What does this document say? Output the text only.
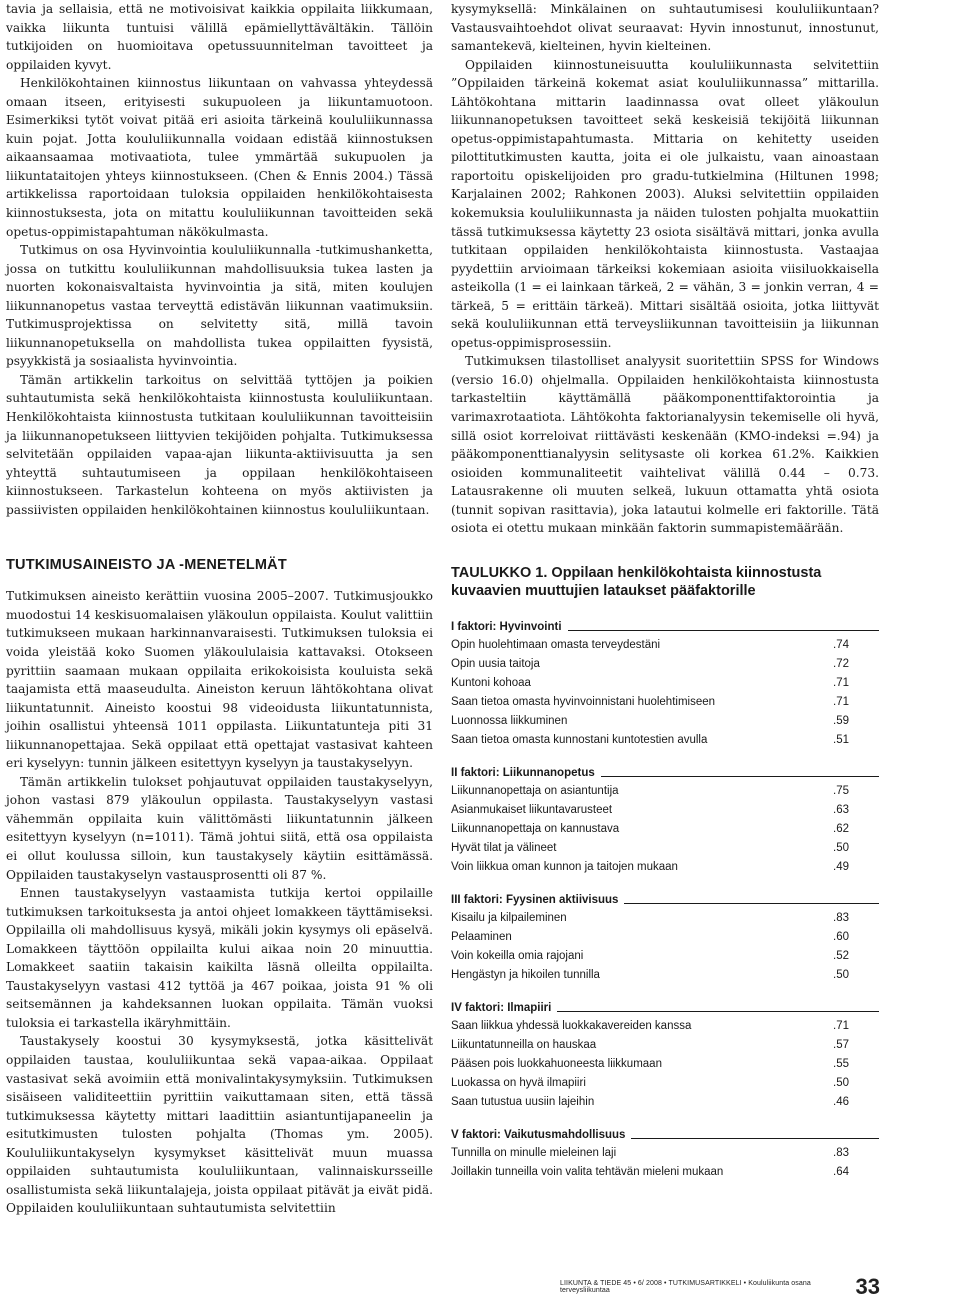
tavia ja sellaisia, että ne motivoisivat kaikkia oppilaita liikkumaan, vaikka liikunta tuntuisi välillä epämiellyttävältäkin. Tällöin tutkijoiden on huomioitava opetussuunnitelman tavoitteet ja oppilaiden kyvyt.

Henkilökohtainen kiinnostus liikuntaan on vahvassa yhteydessä omaan itseen, erityisesti sukupuoleen ja liikuntamuotoon. Esimerkiksi tytöt voivat pitää eri asioita tärkeinä koululiikunnassa kuin pojat. Jotta koululiikunnalla voidaan edistää kiinnostuksen aikaansaamaa motivaatiota, tulee ymmärtää sukupuolen ja liikuntataitojen yhteys kiinnostukseen. (Chen & Ennis 2004.) Tässä artikkelissa raportoidaan tuloksia oppilaiden henkilökohtaisesta kiinnostuksesta, jota on mitattu koululiikunnan tavoitteiden sekä opetus-oppimistapahtuman näkökulmasta.

Tutkimus on osa Hyvinvointia koululiikunnalla -tutkimushanketta, jossa on tutkittu koululiikunnan mahdollisuuksia tukea lasten ja nuorten kokonaisvaltaista hyvinvointia ja sitä, miten koulujen liikunnanopetus vastaa terveyttä edistävän liikunnan vaatimuksiin. Tutkimusprojektissa on selvitetty sitä, millä tavoin liikunnanopetuksella on mahdollista tukea oppilaitten fyysistä, psyykkistä ja sosiaalista hyvinvointia.

Tämän artikkelin tarkoitus on selvittää tyttöjen ja poikien suhtautumista sekä henkilökohtaista kiinnostusta koululiikuntaan. Henkilökohtaista kiinnostusta tutkitaan koululiikunnan tavoitteisiin ja liikunnanopetukseen liittyvien tekijöiden pohjalta. Tutkimuksessa selvitetään oppilaiden vapaa-ajan liikunta-aktiivisuutta ja sen yhteyttä suhtautumiseen ja oppilaan henkilökohtaiseen kiinnostukseen. Tarkastelun kohteena on myös aktiivisten ja passiivisten oppilaiden henkilökohtainen kiinnostus koululiikuntaan.

TUTKIMUSAINEISTO JA -MENETELMÄT

Tutkimuksen aineisto kerättiin vuosina 2005–2007. Tutkimusjoukko muodostui 14 keskisuomalaisen yläkoulun oppilaista. Koulut valittiin tutkimukseen mukaan harkinnanvaraisesti. Tutkimuksen tuloksia ei voida yleistää koko Suomen yläkoululaisia kattavaksi. Otokseen pyrittiin saamaan mukaan oppilaita erikokoisista kouluista sekä taajamista että maaseudulta. Aineiston keruun lähtökohtana olivat liikuntatunnit. Aineisto koostui 98 videoidusta liikuntatunnista, joihin osallistui yhteensä 1011 oppilasta. Liikuntatunteja piti 31 liikunnanopettajaa. Sekä oppilaat että opettajat vastasivat kahteen eri kyselyyn: tunnin jälkeen esitettyyn kyselyyn ja taustakyselyyn.

Tämän artikkelin tulokset pohjautuvat oppilaiden taustakyselyyn, johon vastasi 879 yläkoulun oppilasta. Taustakyselyyn vastasi vähemmän oppilaita kuin välittömästi liikuntatunnin jälkeen esitettyyn kyselyyn (n=1011). Tämä johtui siitä, että osa oppilaista ei ollut koulussa silloin, kun taustakysely käytiin esittämässä. Oppilaiden taustakyselyn vastausprosentti oli 87 %.

Ennen taustakyselyyn vastaamista tutkija kertoi oppilaille tutkimuksen tarkoituksesta ja antoi ohjeet lomakkeen täyttämiseksi. Oppilailla oli mahdollisuus kysyä, mikäli jokin kysymys oli epäselvä. Lomakkeen täyttöön oppilailta kului aikaa noin 20 minuuttia. Lomakkeet saatiin takaisin kaikilta läsnä olleilta oppilailta. Taustakyselyyn vastasi 412 tyttöä ja 467 poikaa, joista 91 % oli seitsemännen ja kahdeksannen luokan oppilaita. Tämän vuoksi tuloksia ei tarkastella ikäryhmittäin.

Taustakysely koostui 30 kysymyksestä, jotka käsittelivät oppilaiden taustaa, koululiikuntaa sekä vapaa-aikaa. Oppilaat vastasivat sekä avoimiin että monivalintakysymyksiin. Tutkimuksen sisäiseen validiteettiin pyrittiin vaikuttamaan siten, että tässä tutkimuksessa käytetty mittari laadittiin asiantuntijapaneelin ja esitutkimusten tulosten pohjalta (Thomas ym. 2005). Koululiikuntakyselyn kysymykset käsittelivät muun muassa oppilaiden suhtautumista koululiikuntaan, valinnaiskursseille osallistumista sekä liikuntalajeja, joista oppilaat pitävät ja eivät pidä. Oppilaiden koululiikuntaan suhtautumista selvitettiin

kysymyksellä: Minkälainen on suhtautumisesi koululiikuntaan? Vastausvaihtoehdot olivat seuraavat: Hyvin innostunut, innostunut, samantekevä, kielteinen, hyvin kielteinen.

Oppilaiden kiinnostuneisuutta koululiikunnasta selvitettiin ”Oppilaiden tärkeinä kokemat asiat koululiikunnassa” mittarilla. Lähtökohtana mittarin laadinnassa ovat olleet yläkoulun liikunnanopetuksen tavoitteet sekä keskeisiä tekijöitä liikunnan opetus-oppimistapahtumasta. Mittaria on kehitetty useiden pilottitutkimusten kautta, joita ei ole julkaistu, vaan ainoastaan raportoitu opiskelijoiden pro gradu-tutkielmina (Hiltunen 1998; Karjalainen 2002; Rahkonen 2003). Aluksi selvitettiin oppilaiden kokemuksia koululiikunnasta ja näiden tulosten pohjalta muokattiin tässä tutkimuksessa käytetty 23 osiota sisältävä mittari, jonka avulla tutkitaan oppilaiden henkilökohtaista kiinnostusta. Vastaajaa pyydettiin arvioimaan tärkeiksi kokemiaan asioita viisiluokkaisella asteikolla (1 = ei lainkaan tärkeä, 2 = vähän, 3 = jonkin verran, 4 = tärkeä, 5 = erittäin tärkeä). Mittari sisältää osioita, jotka liittyvät sekä koululiikunnan että terveysliikunnan tavoitteisiin ja liikunnan opetus-oppimisprosessiin.

Tutkimuksen tilastolliset analyysit suoritettiin SPSS for Windows (versio 16.0) ohjelmalla. Oppilaiden henkilökohtaista kiinnostusta tarkasteltiin käyttämällä pääkomponenttifaktorointia ja varimaxrotaatiota. Lähtökohta faktorianalyysin tekemiselle oli hyvä, sillä osiot korreloivat riittävästi keskenään (KMO-indeksi =.94) ja pääkomponenttianalyysin selitysaste oli korkea 61.2%. Kaikkien osioiden kommunaliteetit vaihtelivat välillä 0.44 – 0.73. Latausrakenne oli muuten selkeä, lukuun ottamatta yhtä osiota (tunnit sopivan rasittavia), joka latautui kolmelle eri faktorille. Tätä osiota ei otettu mukaan minkään faktorin summapistemäärään.

TAULUKKO 1. Oppilaan henkilökohtaista kiinnostusta kuvaavien muuttujien lataukset pääfaktorille
I faktori: Hyvinvointi
Opin huolehtimaan omasta terveydestäni	.74
Opin uusia taitoja	.72
Kuntoni kohoaa	.71
Saan tietoa omasta hyvinvoinnistani huolehtimiseen	.71
Luonnossa liikkuminen	.59
Saan tietoa omasta kunnostani kuntotestien avulla	.51
II faktori: Liikunnanopetus
Liikunnanopettaja on asiantuntija	.75
Asianmukaiset liikuntavarusteet	.63
Liikunnanopettaja on kannustava	.62
Hyvät tilat ja välineet	.50
Voin liikkua oman kunnon ja taitojen mukaan	.49
III faktori: Fyysinen aktiivisuus
Kisailu ja kilpaileminen	.83
Pelaaminen	.60
Voin kokeilla omia rajojani	.52
Hengästyn ja hikoilen tunnilla	.50
IV faktori: Ilmapiiri
Saan liikkua yhdessä luokkakavereiden kanssa	.71
Liikuntatunneilla on hauskaa	.57
Pääsen pois luokkahuoneesta liikkumaan	.55
Luokassa on hyvä ilmapiiri	.50
Saan tutustua uusiin lajeihin	.46
V faktori: Vaikutusmahdollisuus
Tunnilla on minulle mieleinen laji	.83
Joillakin tunneilla voin valita tehtävän mieleni mukaan	.64
LIIKUNTA & TIEDE 45 • 6/ 2008 • TUTKIMUSARTIKKELI • Koululiikunta osana terveysliikuntaa	33
